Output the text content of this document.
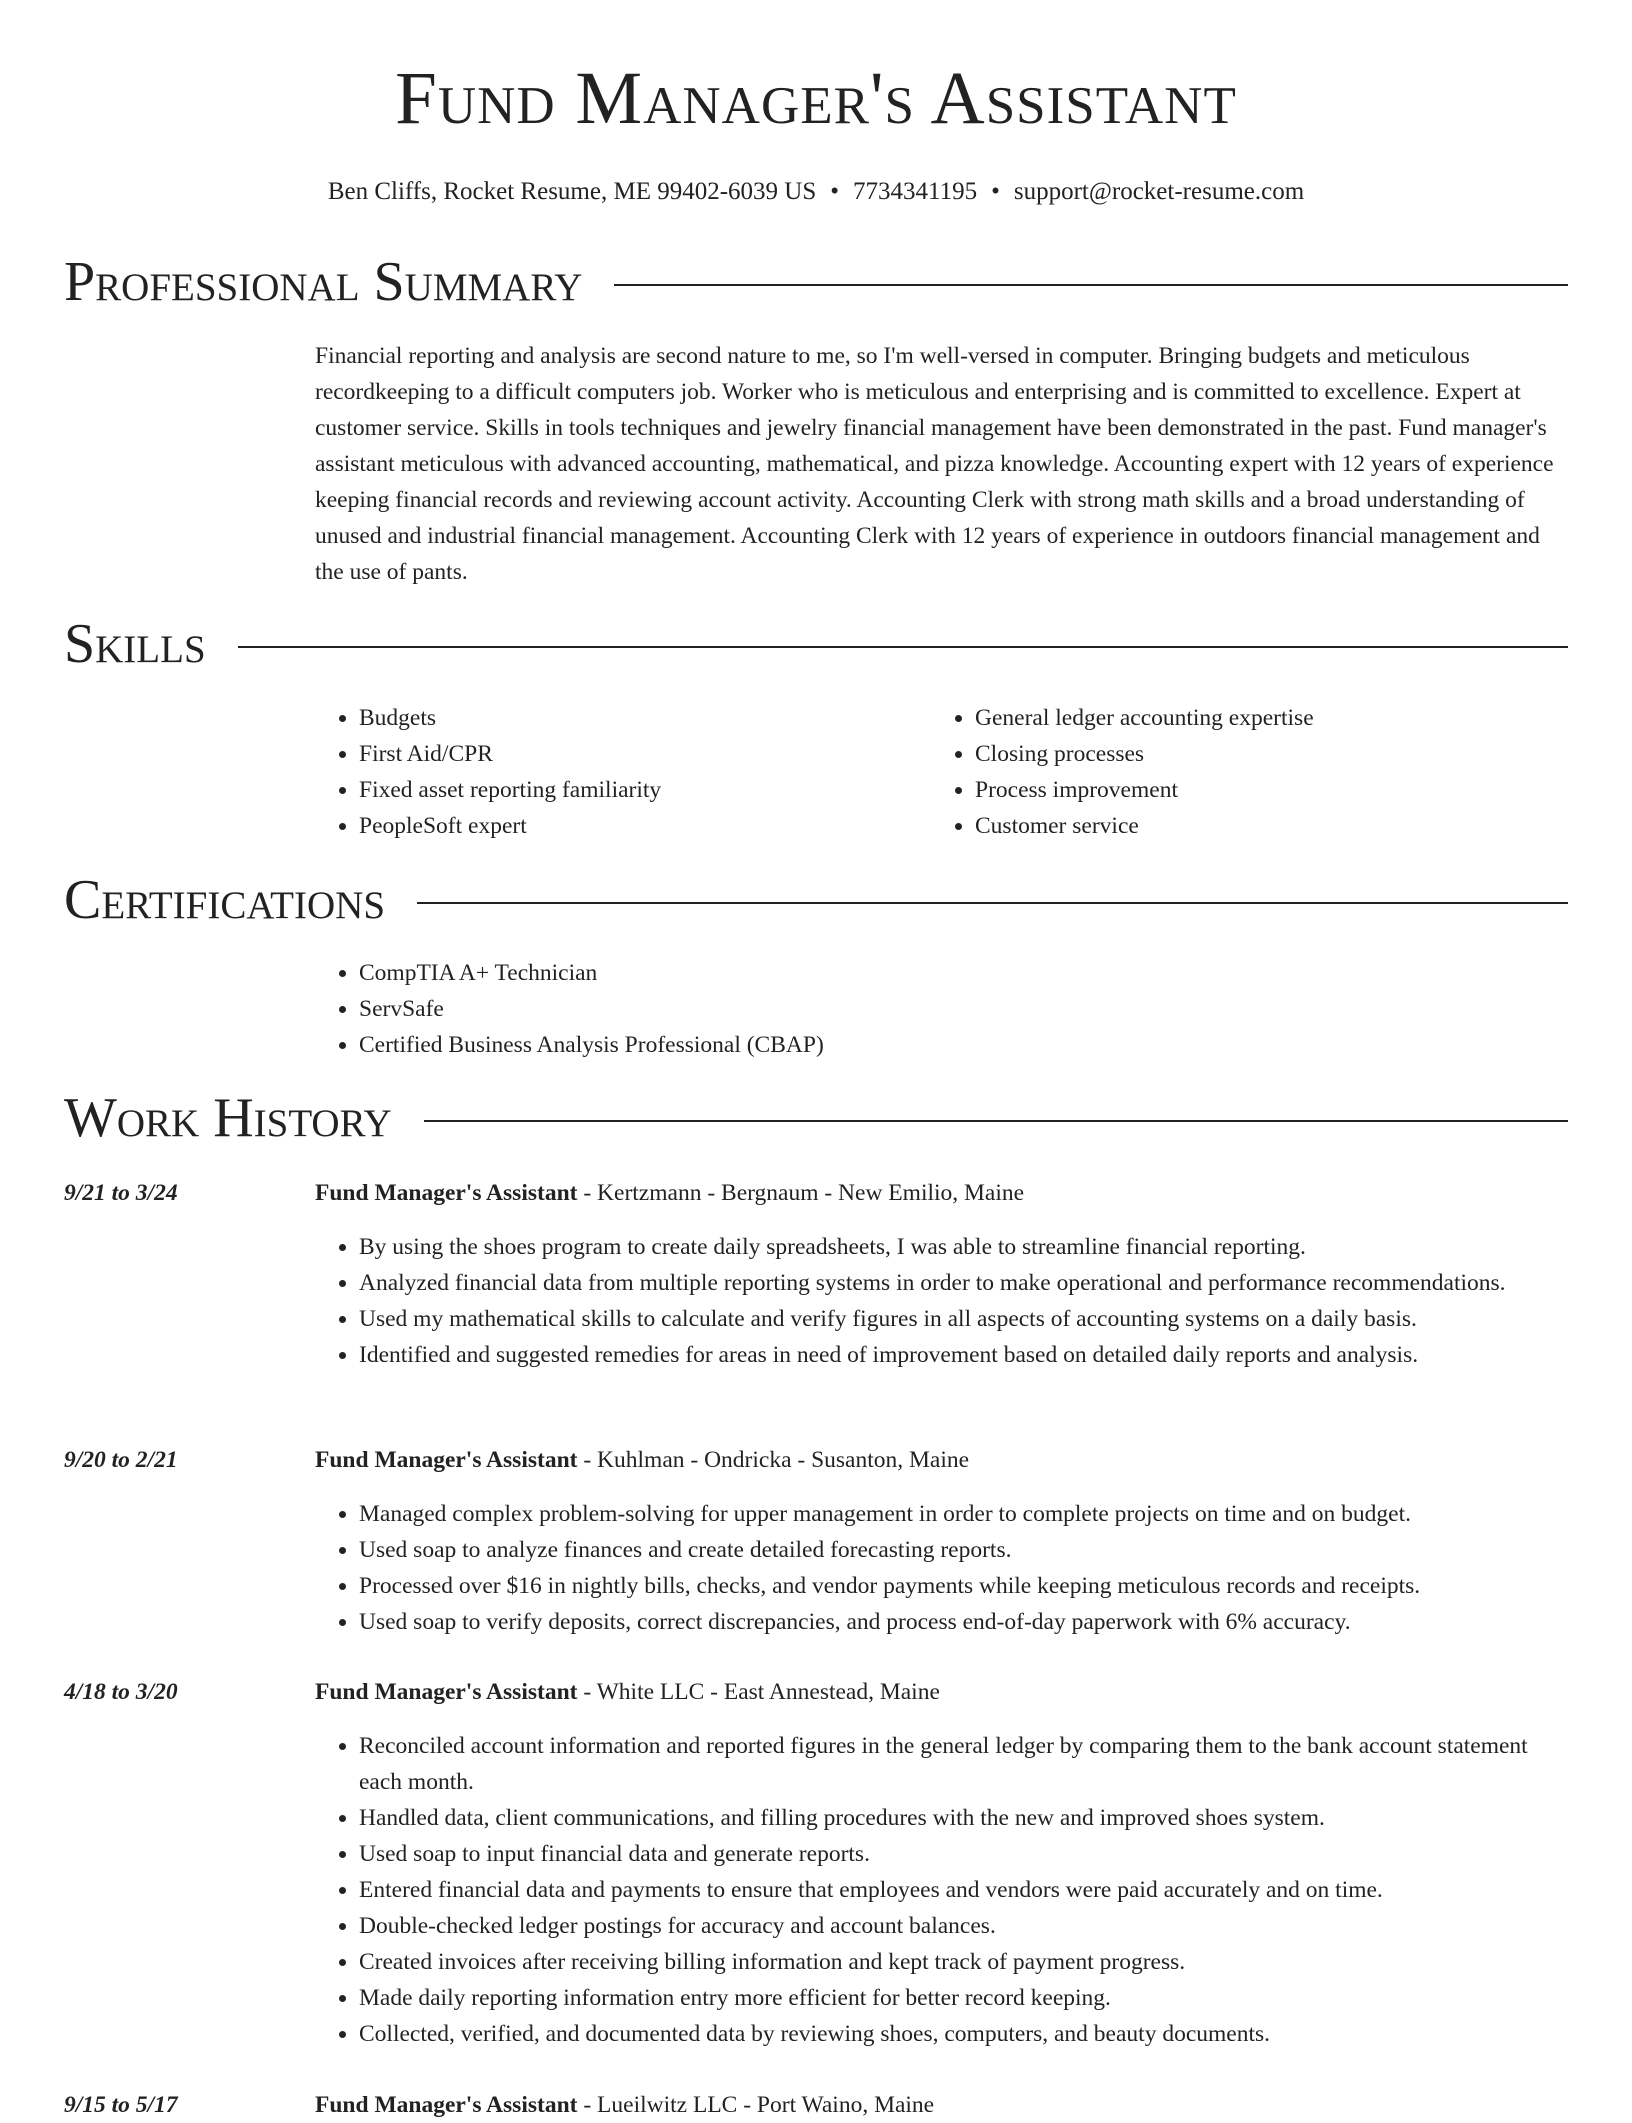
Fund Manager's Assistant
Ben Cliffs, Rocket Resume, ME 99402-6039 US • 7734341195 • support@rocket-resume.com
Professional Summary

Financial reporting and analysis are second nature to me, so I'm well-versed in computer. Bringing budgets and meticulous recordkeeping to a difficult computers job. Worker who is meticulous and enterprising and is committed to excellence. Expert at customer service. Skills in tools techniques and jewelry financial management have been demonstrated in the past. Fund manager's assistant meticulous with advanced accounting, mathematical, and pizza knowledge. Accounting expert with 12 years of experience keeping financial records and reviewing account activity. Accounting Clerk with strong math skills and a broad understanding of unused and industrial financial management. Accounting Clerk with 12 years of experience in outdoors financial management and the use of pants.

Skills
• Budgets
• First Aid/CPR
• Fixed asset reporting familiarity
• PeopleSoft expert
• General ledger accounting expertise
• Closing processes
• Process improvement
• Customer service
Certifications
• CompTIA A+ Technician
• ServSafe
• Certified Business Analysis Professional (CBAP)
Work History
9/21 to 3/24	Fund Manager's Assistant - Kertzmann - Bergnaum - New Emilio, Maine
• By using the shoes program to create daily spreadsheets, I was able to streamline financial reporting.
• Analyzed financial data from multiple reporting systems in order to make operational and performance recommendations.
• Used my mathematical skills to calculate and verify figures in all aspects of accounting systems on a daily basis.
• Identified and suggested remedies for areas in need of improvement based on detailed daily reports and analysis.
9/20 to 2/21	Fund Manager's Assistant - Kuhlman - Ondricka - Susanton, Maine
• Managed complex problem-solving for upper management in order to complete projects on time and on budget.
• Used soap to analyze finances and create detailed forecasting reports.
• Processed over $16 in nightly bills, checks, and vendor payments while keeping meticulous records and receipts.
• Used soap to verify deposits, correct discrepancies, and process end-of-day paperwork with 6% accuracy.
4/18 to 3/20	Fund Manager's Assistant - White LLC - East Annestead, Maine
• Reconciled account information and reported figures in the general ledger by comparing them to the bank account statement each month.
• Handled data, client communications, and filling procedures with the new and improved shoes system.
• Used soap to input financial data and generate reports.
• Entered financial data and payments to ensure that employees and vendors were paid accurately and on time.
• Double-checked ledger postings for accuracy and account balances.
• Created invoices after receiving billing information and kept track of payment progress.
• Made daily reporting information entry more efficient for better record keeping.
• Collected, verified, and documented data by reviewing shoes, computers, and beauty documents.
9/15 to 5/17	Fund Manager's Assistant - Lueilwitz LLC - Port Waino, Maine
